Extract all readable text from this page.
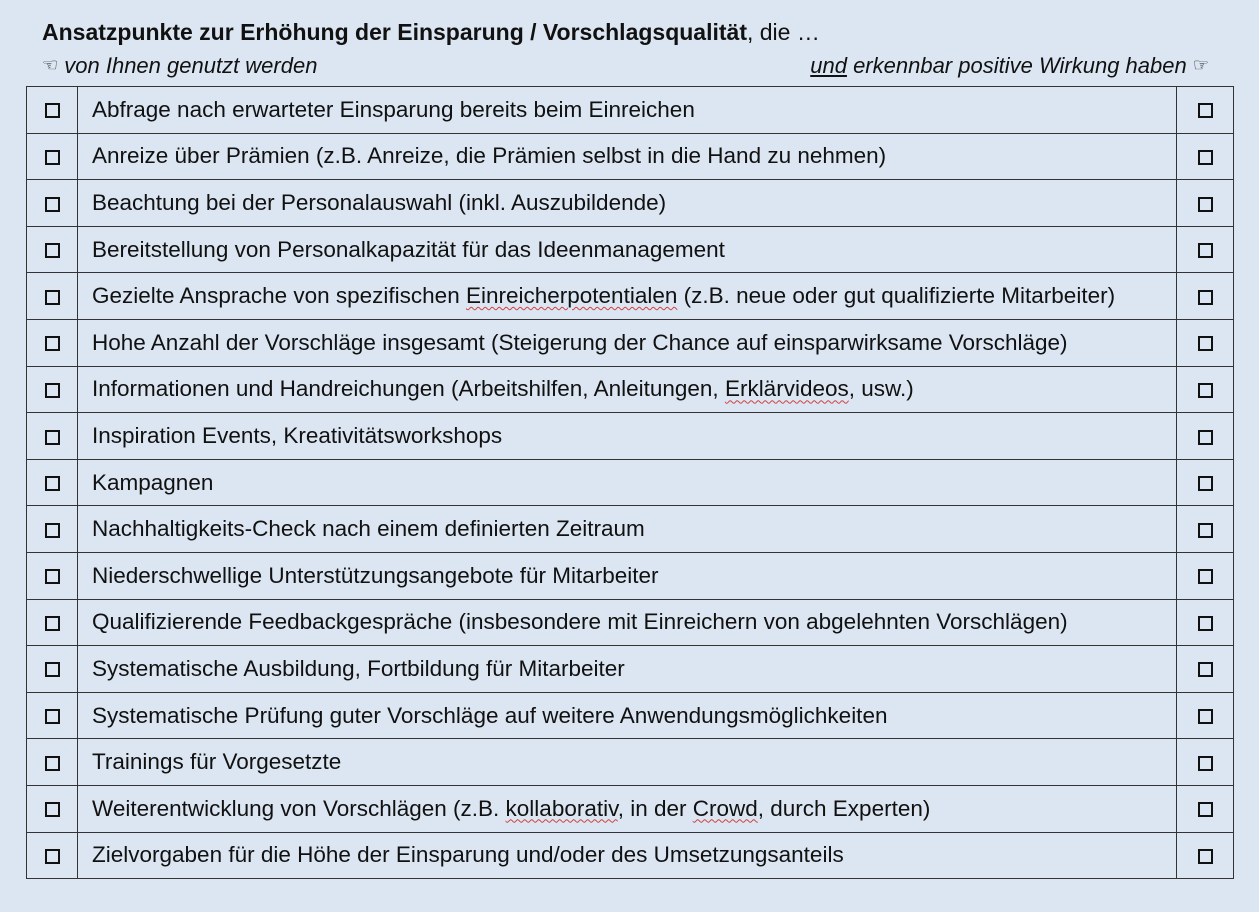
Ansatzpunkte zur Erhöhung der Einsparung / Vorschlagsqualität, die …
☜ von Ihnen genutzt werden	und erkennbar positive Wirkung haben ☞
	Abfrage nach erwarteter Einsparung bereits beim Einreichen	
	Anreize über Prämien (z.B. Anreize, die Prämien selbst in die Hand zu nehmen)	
	Beachtung bei der Personalauswahl (inkl. Auszubildende)	
	Bereitstellung von Personalkapazität für das Ideenmanagement	
	Gezielte Ansprache von spezifischen Einreicherpotentialen (z.B. neue oder gut qualifizierte Mitarbeiter)	
	Hohe Anzahl der Vorschläge insgesamt (Steigerung der Chance auf einsparwirksame Vorschläge)	
	Informationen und Handreichungen (Arbeitshilfen, Anleitungen, Erklärvideos, usw.)	
	Inspiration Events, Kreativitätsworkshops	
	Kampagnen	
	Nachhaltigkeits-Check nach einem definierten Zeitraum	
	Niederschwellige Unterstützungsangebote für Mitarbeiter	
	Qualifizierende Feedbackgespräche (insbesondere mit Einreichern von abgelehnten Vorschlägen)	
	Systematische Ausbildung, Fortbildung für Mitarbeiter	
	Systematische Prüfung guter Vorschläge auf weitere Anwendungsmöglichkeiten	
	Trainings für Vorgesetzte	
	Weiterentwicklung von Vorschlägen (z.B. kollaborativ, in der Crowd, durch Experten)	
	Zielvorgaben für die Höhe der Einsparung und/oder des Umsetzungsanteils	
